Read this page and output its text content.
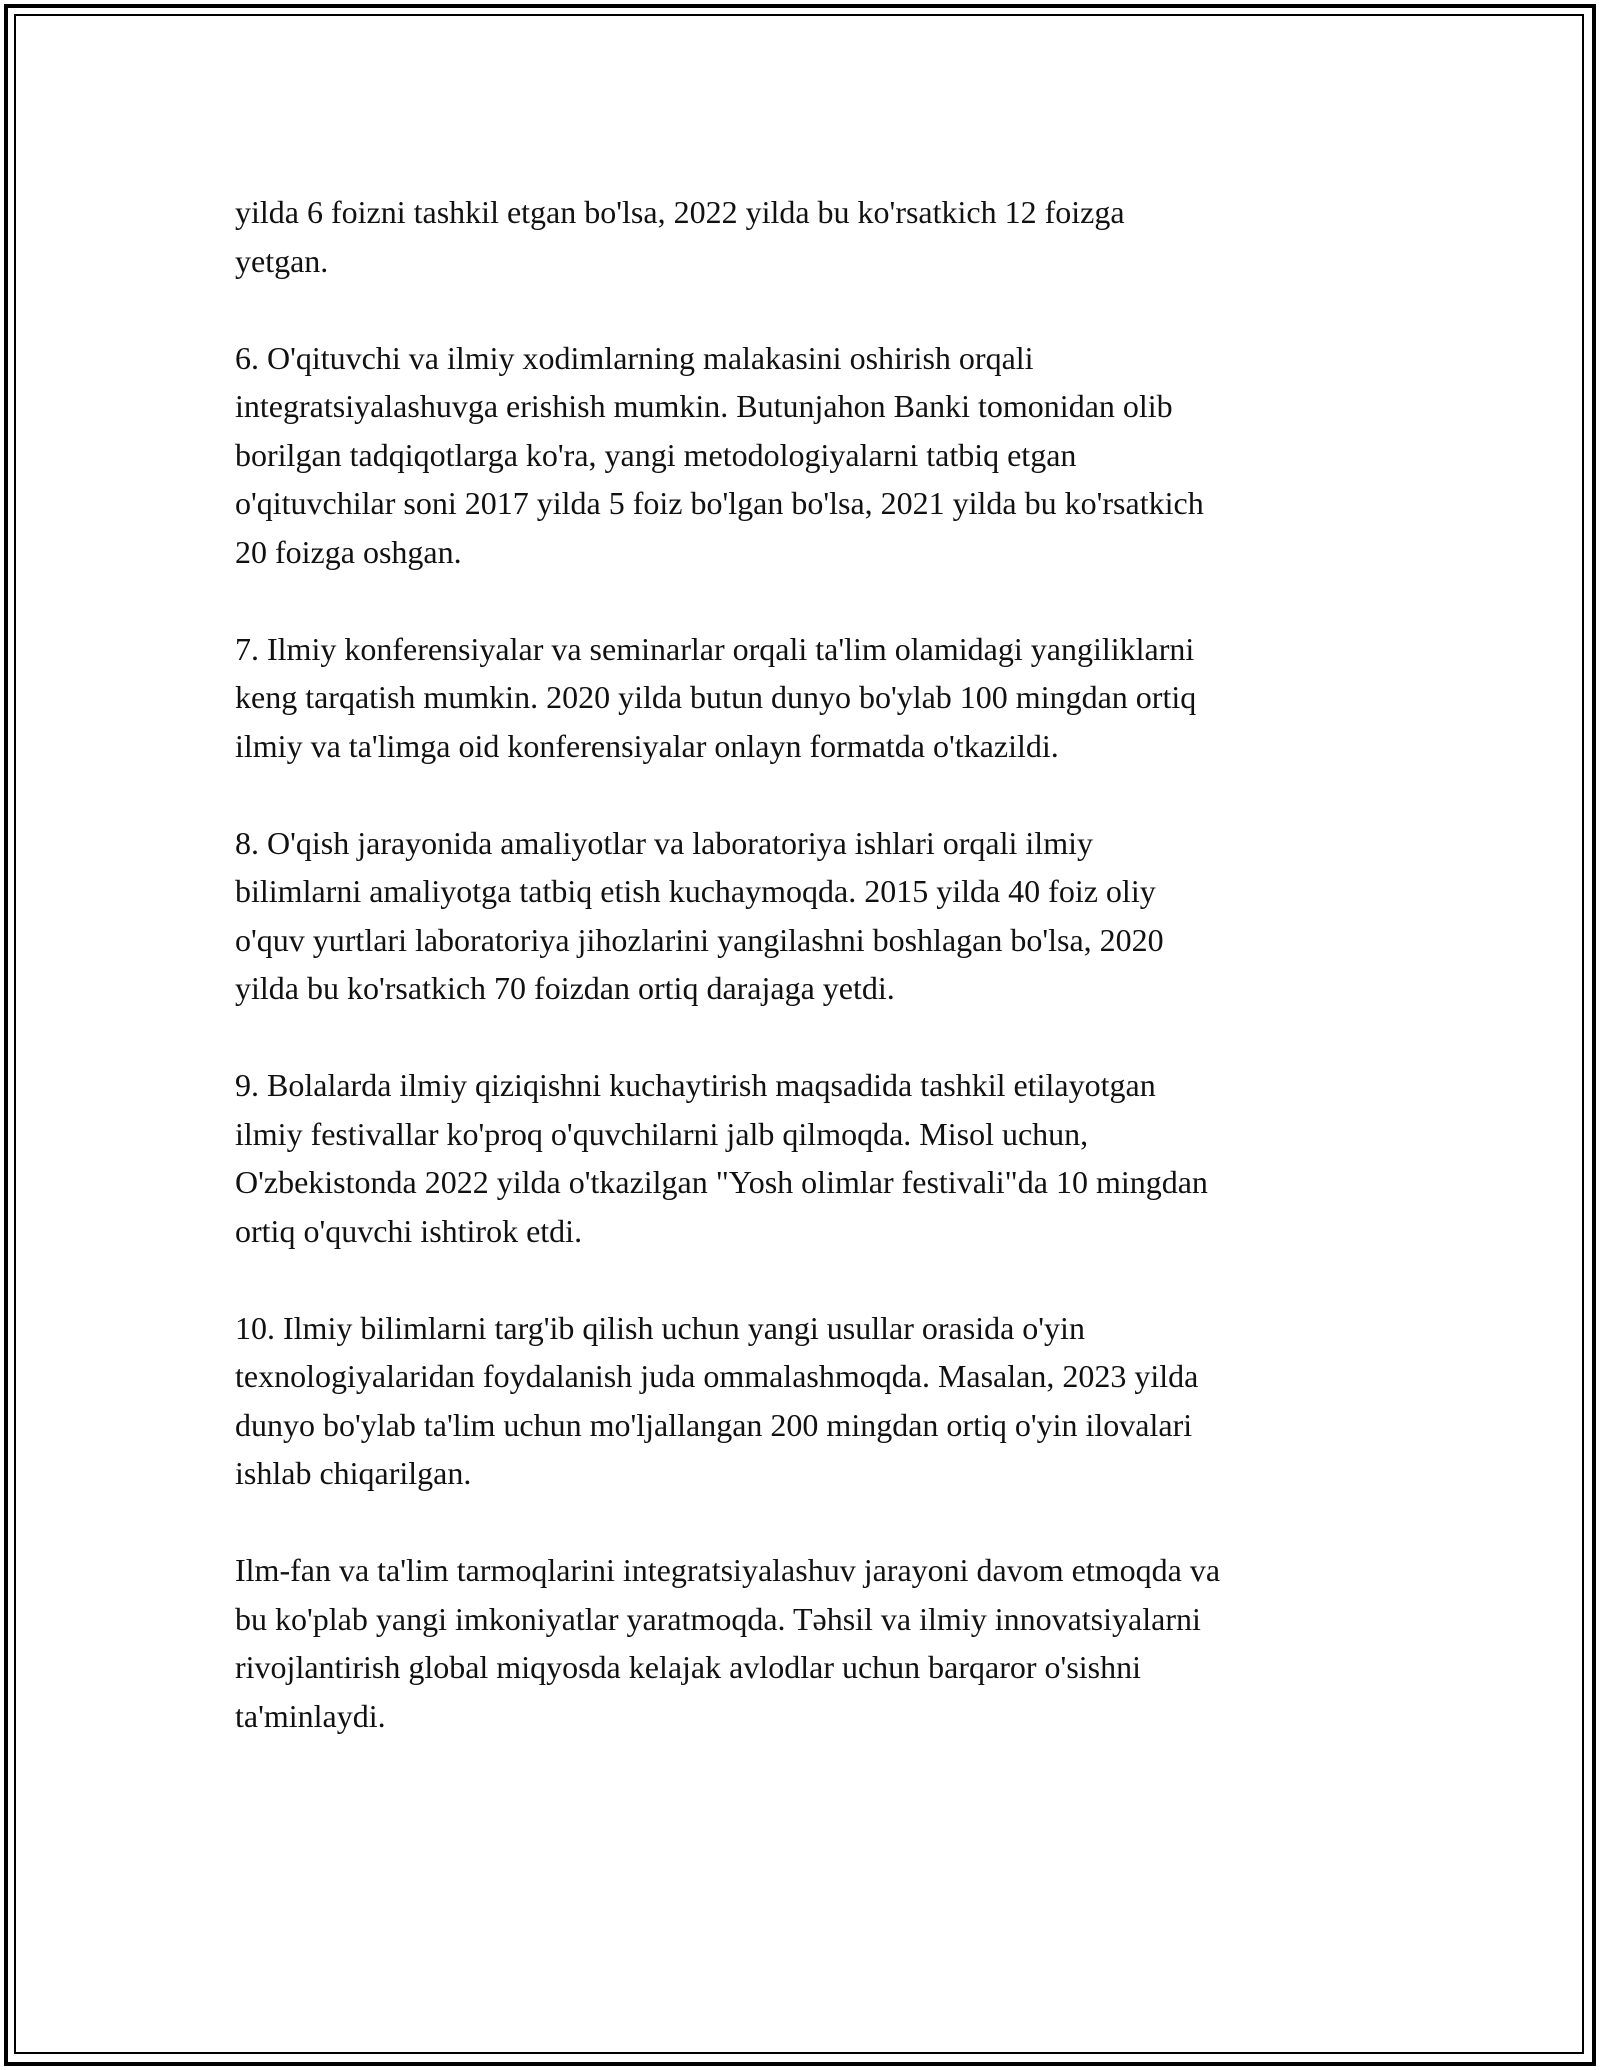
yilda 6 foizni tashkil etgan bo'lsa, 2022 yilda bu ko'rsatkich 12 foizga
yetgan.

6. O'qituvchi va ilmiy xodimlarning malakasini oshirish orqali
integratsiyalashuvga erishish mumkin. Butunjahon Banki tomonidan olib
borilgan tadqiqotlarga ko'ra, yangi metodologiyalarni tatbiq etgan
o'qituvchilar soni 2017 yilda 5 foiz bo'lgan bo'lsa, 2021 yilda bu ko'rsatkich
20 foizga oshgan.

7. Ilmiy konferensiyalar va seminarlar orqali ta'lim olamidagi yangiliklarni
keng tarqatish mumkin. 2020 yilda butun dunyo bo'ylab 100 mingdan ortiq
ilmiy va ta'limga oid konferensiyalar onlayn formatda o'tkazildi.

8. O'qish jarayonida amaliyotlar va laboratoriya ishlari orqali ilmiy
bilimlarni amaliyotga tatbiq etish kuchaymoqda. 2015 yilda 40 foiz oliy
o'quv yurtlari laboratoriya jihozlarini yangilashni boshlagan bo'lsa, 2020
yilda bu ko'rsatkich 70 foizdan ortiq darajaga yetdi.

9. Bolalarda ilmiy qiziqishni kuchaytirish maqsadida tashkil etilayotgan
ilmiy festivallar ko'proq o'quvchilarni jalb qilmoqda. Misol uchun,
O'zbekistonda 2022 yilda o'tkazilgan "Yosh olimlar festivali"da 10 mingdan
ortiq o'quvchi ishtirok etdi.

10. Ilmiy bilimlarni targ'ib qilish uchun yangi usullar orasida o'yin
texnologiyalaridan foydalanish juda ommalashmoqda. Masalan, 2023 yilda
dunyo bo'ylab ta'lim uchun mo'ljallangan 200 mingdan ortiq o'yin ilovalari
ishlab chiqarilgan.

Ilm-fan va ta'lim tarmoqlarini integratsiyalashuv jarayoni davom etmoqda va
bu ko'plab yangi imkoniyatlar yaratmoqda. Təhsil va ilmiy innovatsiyalarni
rivojlantirish global miqyosda kelajak avlodlar uchun barqaror o'sishni
ta'minlaydi.
